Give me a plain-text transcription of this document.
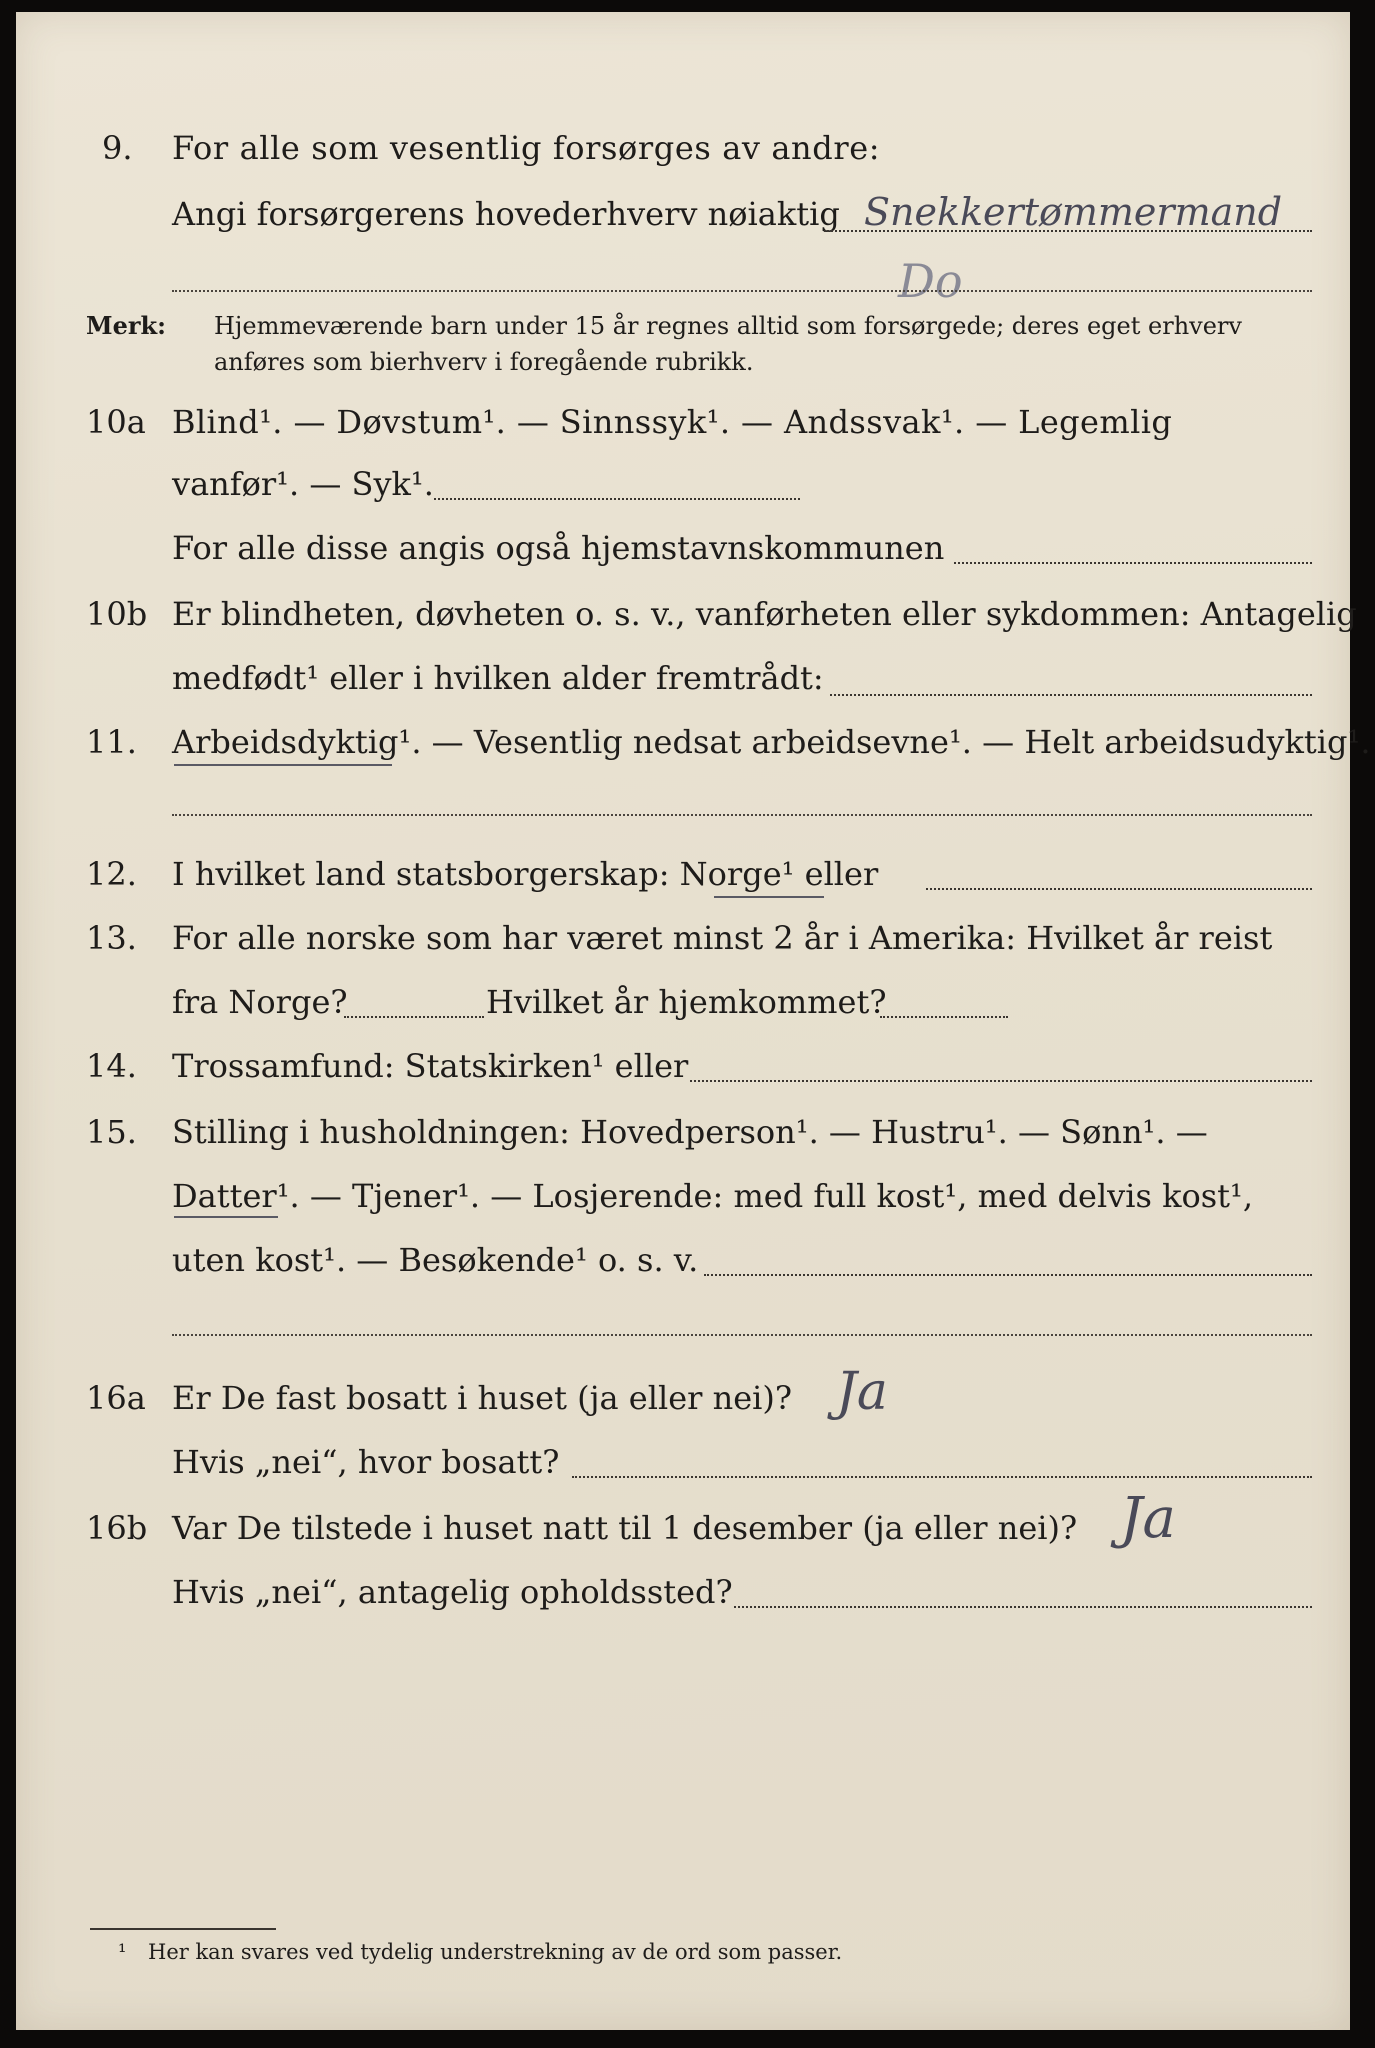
9. For alle som vesentlig forsørges av andre:
Angi forsørgerens hovederhverv nøiaktig Snekkertømmermand
Do
Merk: Hjemmeværende barn under 15 år regnes alltid som forsørgede; deres eget erhverv
anføres som bierhverv i foregående rubrikk.
10a Blind¹. — Døvstum¹. — Sinnssyk¹. — Andssvak¹. — Legemlig
vanfør¹. — Syk¹.
For alle disse angis også hjemstavnskommunen
10b Er blindheten, døvheten o. s. v., vanførheten eller sykdommen: Antagelig
medfødt¹ eller i hvilken alder fremtrådt:
11. Arbeidsdyktig¹. — Vesentlig nedsat arbeidsevne¹. — Helt arbeidsudyktig¹.
12. I hvilket land statsborgerskap: Norge¹ eller
13. For alle norske som har været minst 2 år i Amerika: Hvilket år reist
fra Norge?	Hvilket år hjemkommet?
14. Trossamfund: Statskirken¹ eller
15. Stilling i husholdningen: Hovedperson¹. — Hustru¹. — Sønn¹. —
Datter¹. — Tjener¹. — Losjerende: med full kost¹, med delvis kost¹,
uten kost¹. — Besøkende¹ o. s. v.
16a Er De fast bosatt i huset (ja eller nei)? Ja
Hvis „nei“, hvor bosatt?
16b Var De tilstede i huset natt til 1 desember (ja eller nei)? Ja
Hvis „nei“, antagelig opholdssted?
¹ Her kan svares ved tydelig understrekning av de ord som passer.
